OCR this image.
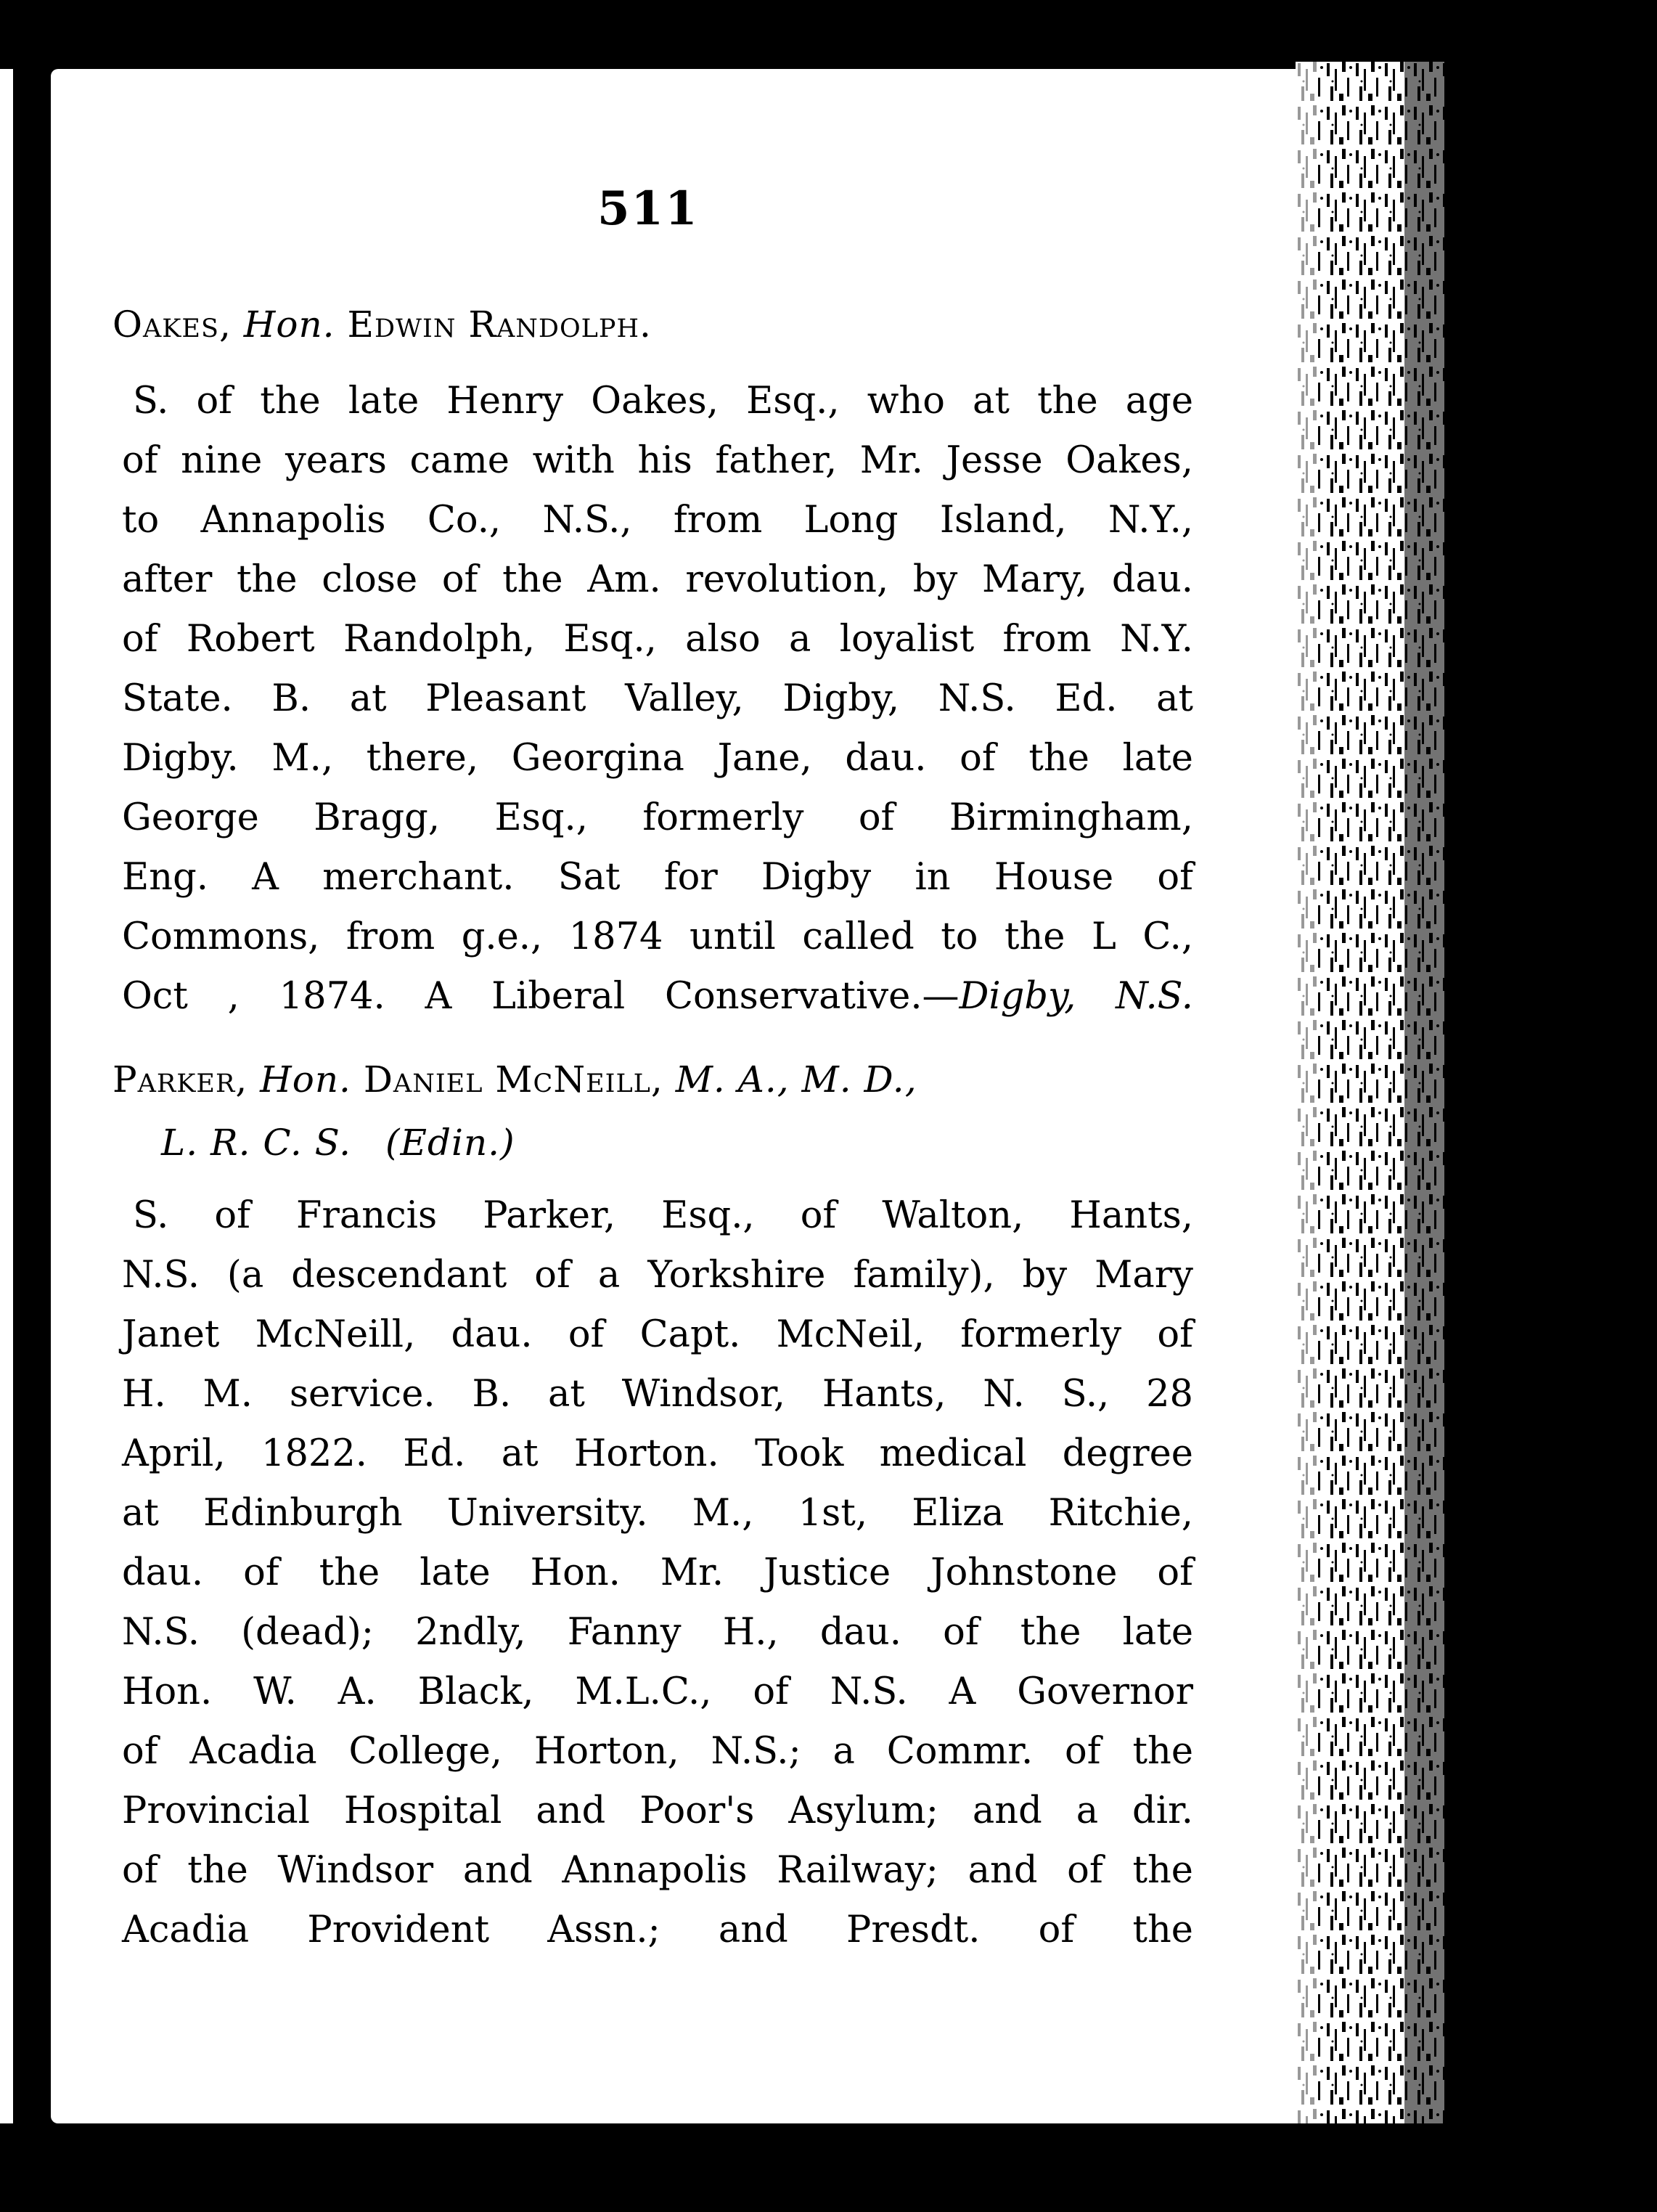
511
Oakes, Hon. Edwin Randolph.
S. of the late Henry Oakes, Esq., who at the age
of nine years came with his father, Mr. Jesse Oakes,
to Annapolis Co., N.S., from Long Island, N.Y.,
after the close of the Am. revolution, by Mary, dau.
of Robert Randolph, Esq., also a loyalist from N.Y.
State. B. at Pleasant Valley, Digby, N.S. Ed. at
Digby. M., there, Georgina Jane, dau. of the late
George Bragg, Esq., formerly of Birmingham,
Eng. A merchant. Sat for Digby in House of
Commons, from g.e., 1874 until called to the L C.,
Oct , 1874. A Liberal Conservative.—Digby, N.S.
Parker, Hon. Daniel McNeill, M. A., M. D.,
L. R. C. S. (Edin.)
S. of Francis Parker, Esq., of Walton, Hants,
N.S. (a descendant of a Yorkshire family), by Mary
Janet McNeill, dau. of Capt. McNeil, formerly of
H. M. service. B. at Windsor, Hants, N. S., 28
April, 1822. Ed. at Horton. Took medical degree
at Edinburgh University. M., 1st, Eliza Ritchie,
dau. of the late Hon. Mr. Justice Johnstone of
N.S. (dead); 2ndly, Fanny H., dau. of the late
Hon. W. A. Black, M.L.C., of N.S. A Governor
of Acadia College, Horton, N.S.; a Commr. of the
Provincial Hospital and Poor's Asylum; and a dir.
of the Windsor and Annapolis Railway; and of the
Acadia Provident Assn.; and Presdt. of the
